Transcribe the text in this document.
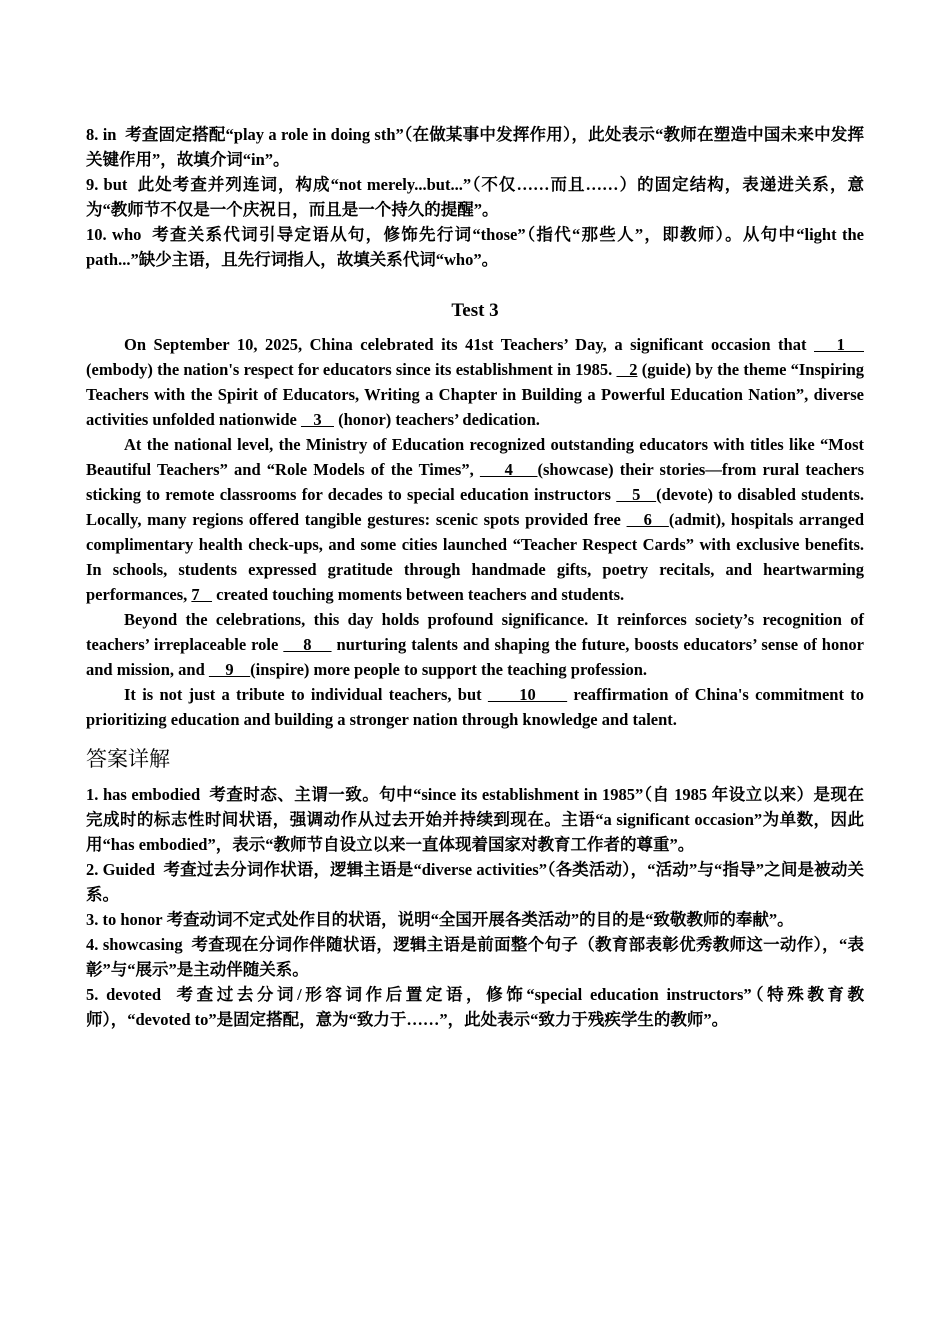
8. in 考查固定搭配“play a role in doing sth”（在做某事中发挥作用），此处表示“教师在塑造中国未来中发挥关键作用”，故填介词“in”。

9. but 此处考查并列连词，构成“not merely...but...”（不仅……而且……）的固定结构，表递进关系，意为“教师节不仅是一个庆祝日，而且是一个持久的提醒”。

10. who 考查关系代词引导定语从句，修饰先行词“those”（指代“那些人”，即教师）。从句中“light the path...”缺少主语，且先行词指人，故填关系代词“who”。

Test 3

On September 10, 2025, China celebrated its 41st Teachers’ Day, a significant occasion that    1    (embody) the nation's respect for educators since its establishment in 1985.    2 (guide) by the theme “Inspiring Teachers with the Spirit of Educators, Writing a Chapter in Building a Powerful Education Nation”, diverse activities unfolded nationwide    3    (honor) teachers’ dedication.

At the national level, the Ministry of Education recognized outstanding educators with titles like “Most Beautiful Teachers” and “Role Models of the Times”,     4    (showcase) their stories—from rural teachers sticking to remote classrooms for decades to special education instructors    5   (devote) to disabled students. Locally, many regions offered tangible gestures: scenic spots provided free    6   (admit), hospitals arranged complimentary health check-ups, and some cities launched “Teacher Respect Cards” with exclusive benefits. In schools, students expressed gratitude through handmade gifts, poetry recitals, and heartwarming performances, 7    created touching moments between teachers and students.

Beyond the celebrations, this day holds profound significance. It reinforces society’s recognition of teachers’ irreplaceable role     8     nurturing talents and shaping the future, boosts educators’ sense of honor and mission, and     9    (inspire) more people to support the teaching profession.

It is not just a tribute to individual teachers, but      10      reaffirmation of China's commitment to prioritizing education and building a stronger nation through knowledge and talent.

答案详解

1. has embodied 考查时态、主谓一致。句中“since its establishment in 1985”（自 1985 年设立以来）是现在完成时的标志性时间状语，强调动作从过去开始并持续到现在。主语“a significant occasion”为单数，因此用“has embodied”，表示“教师节自设立以来一直体现着国家对教育工作者的尊重”。

2. Guided 考查过去分词作状语，逻辑主语是“diverse activities”（各类活动），“活动”与“指导”之间是被动关系。

3. to honor 考查动词不定式处作目的状语，说明“全国开展各类活动”的目的是“致敬教师的奉献”。

4. showcasing 考查现在分词作伴随状语，逻辑主语是前面整个句子（教育部表彰优秀教师这一动作），“表彰”与“展示”是主动伴随关系。

5. devoted 考查过去分词/形容词作后置定语，修饰“special education instructors”（特殊教育教师），“devoted to”是固定搭配，意为“致力于……”，此处表示“致力于残疾学生的教师”。
